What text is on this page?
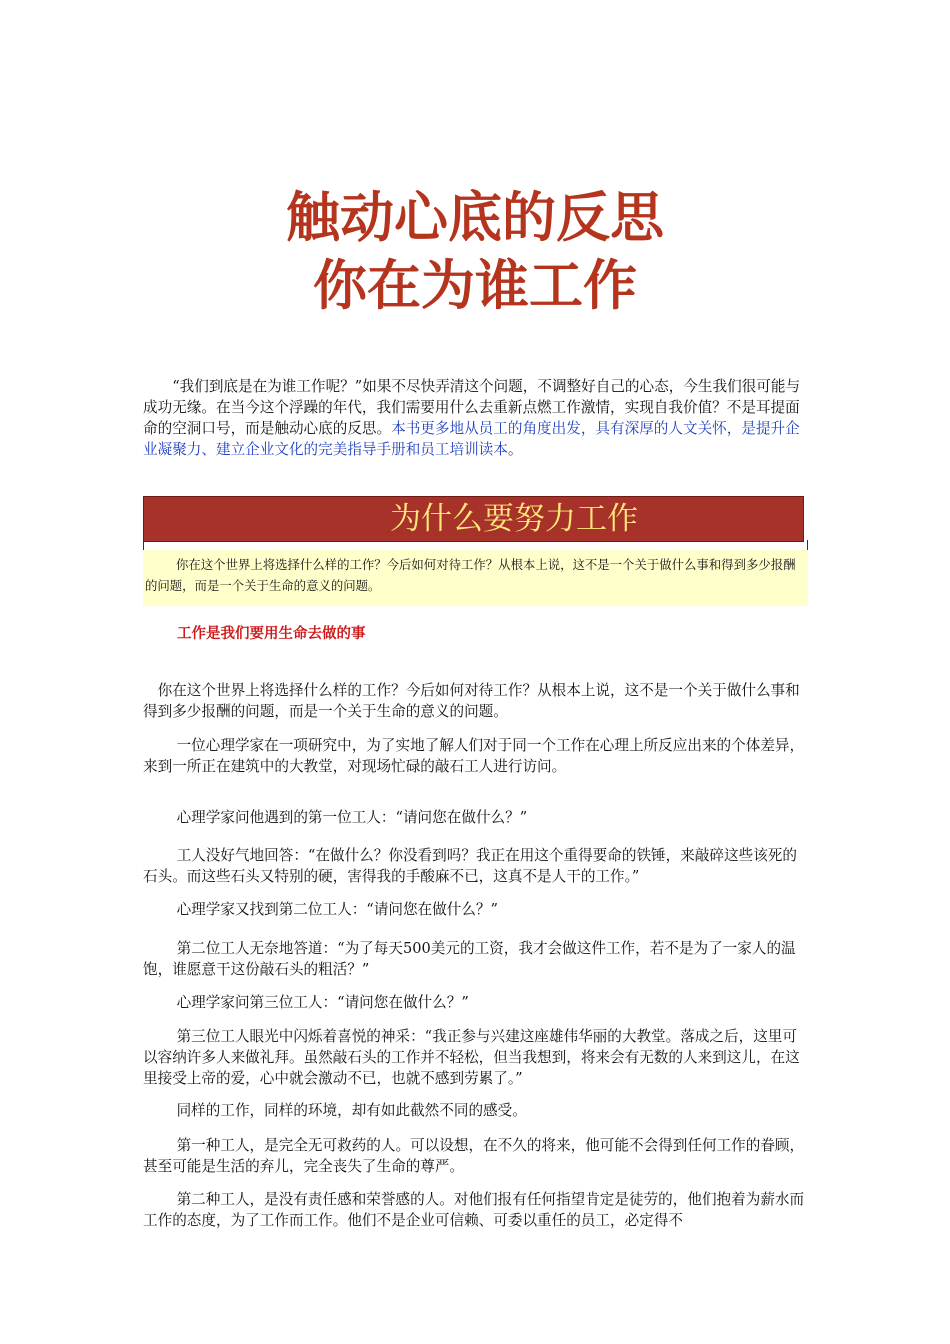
触动心底的反思
你在为谁工作

“我们到底是在为谁工作呢？”如果不尽快弄清这个问题，不调整好自己的心态，今生我们很可能与成功无缘。在当今这个浮躁的年代，我们需要用什么去重新点燃工作激情，实现自我价值？不是耳提面命的空洞口号，而是触动心底的反思。本书更多地从员工的角度出发，具有深厚的人文关怀，是提升企业凝聚力、建立企业文化的完美指导手册和员工培训读本。

为什么要努力工作

你在这个世界上将选择什么样的工作？今后如何对待工作？从根本上说，这不是一个关于做什么事和得到多少报酬的问题，而是一个关于生命的意义的问题。

工作是我们要用生命去做的事

你在这个世界上将选择什么样的工作？今后如何对待工作？从根本上说，这不是一个关于做什么事和得到多少报酬的问题，而是一个关于生命的意义的问题。

一位心理学家在一项研究中，为了实地了解人们对于同一个工作在心理上所反应出来的个体差异，来到一所正在建筑中的大教堂，对现场忙碌的敲石工人进行访问。

心理学家问他遇到的第一位工人：“请问您在做什么？”

工人没好气地回答：“在做什么？你没看到吗？我正在用这个重得要命的铁锤，来敲碎这些该死的石头。而这些石头又特别的硬，害得我的手酸麻不已，这真不是人干的工作。”

心理学家又找到第二位工人：“请问您在做什么？”

第二位工人无奈地答道：“为了每天500美元的工资，我才会做这件工作，若不是为了一家人的温饱，谁愿意干这份敲石头的粗活？”

心理学家问第三位工人：“请问您在做什么？”

第三位工人眼光中闪烁着喜悦的神采：“我正参与兴建这座雄伟华丽的大教堂。落成之后，这里可以容纳许多人来做礼拜。虽然敲石头的工作并不轻松，但当我想到，将来会有无数的人来到这儿，在这里接受上帝的爱，心中就会激动不已，也就不感到劳累了。”

同样的工作，同样的环境，却有如此截然不同的感受。

第一种工人，是完全无可救药的人。可以设想，在不久的将来，他可能不会得到任何工作的眷顾，甚至可能是生活的弃儿，完全丧失了生命的尊严。

第二种工人，是没有责任感和荣誉感的人。对他们报有任何指望肯定是徒劳的，他们抱着为薪水而工作的态度，为了工作而工作。他们不是企业可信赖、可委以重任的员工，必定得不
